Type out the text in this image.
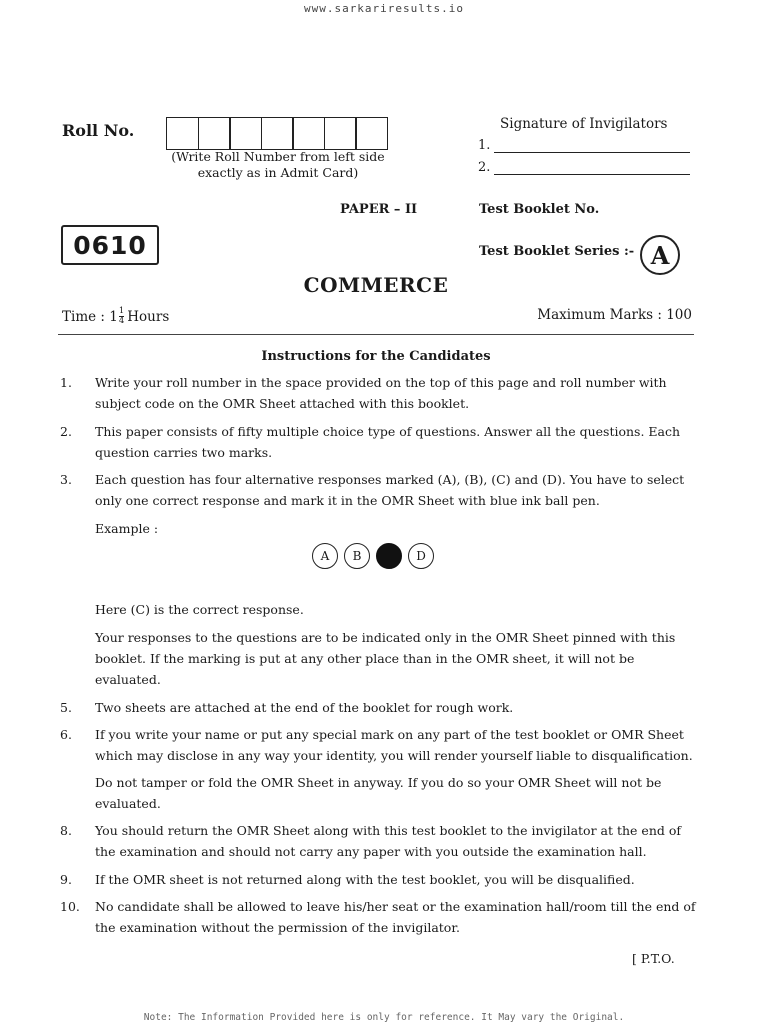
www.sarkariresults.io
Roll No.
(Write Roll Number from left side
exactly as in Admit Card)
Signature of Invigilators
1.
2.
PAPER – II	Test Booklet No.
0610	Test Booklet Series :- A
COMMERCE
Time : $1 \frac{1}{4}$ Hours	Maximum Marks : 100
Instructions for the Candidates
1.	Write your roll number in the space provided on the top of this page and roll number with subject code on the OMR Sheet attached with this booklet.
2.	This paper consists of fifty multiple choice type of questions. Answer all the questions. Each question carries two marks.
3.	Each question has four alternative responses marked (A), (B), (C) and (D). You have to select only one correct response and mark it in the OMR Sheet with blue ink ball pen.
Example :
A	B	D
Here (C) is the correct response.
Your responses to the questions are to be indicated only in the OMR Sheet pinned with this booklet. If the marking is put at any other place than in the OMR sheet, it will not be evaluated.
5.	Two sheets are attached at the end of the booklet for rough work.
6.	If you write your name or put any special mark on any part of the test booklet or OMR Sheet which may disclose in any way your identity, you will render yourself liable to disqualification.
Do not tamper or fold the OMR Sheet in anyway. If you do so your OMR Sheet will not be evaluated.
8.	You should return the OMR Sheet along with this test booklet to the invigilator at the end of the examination and should not carry any paper with you outside the examination hall.
9.	If the OMR sheet is not returned along with the test booklet, you will be disqualified.
10.	No candidate shall be allowed to leave his/her seat or the examination hall/room till the end of the examination without the permission of the invigilator.
[ P.T.O.
Note: The Information Provided here is only for reference. It May vary the Original.
